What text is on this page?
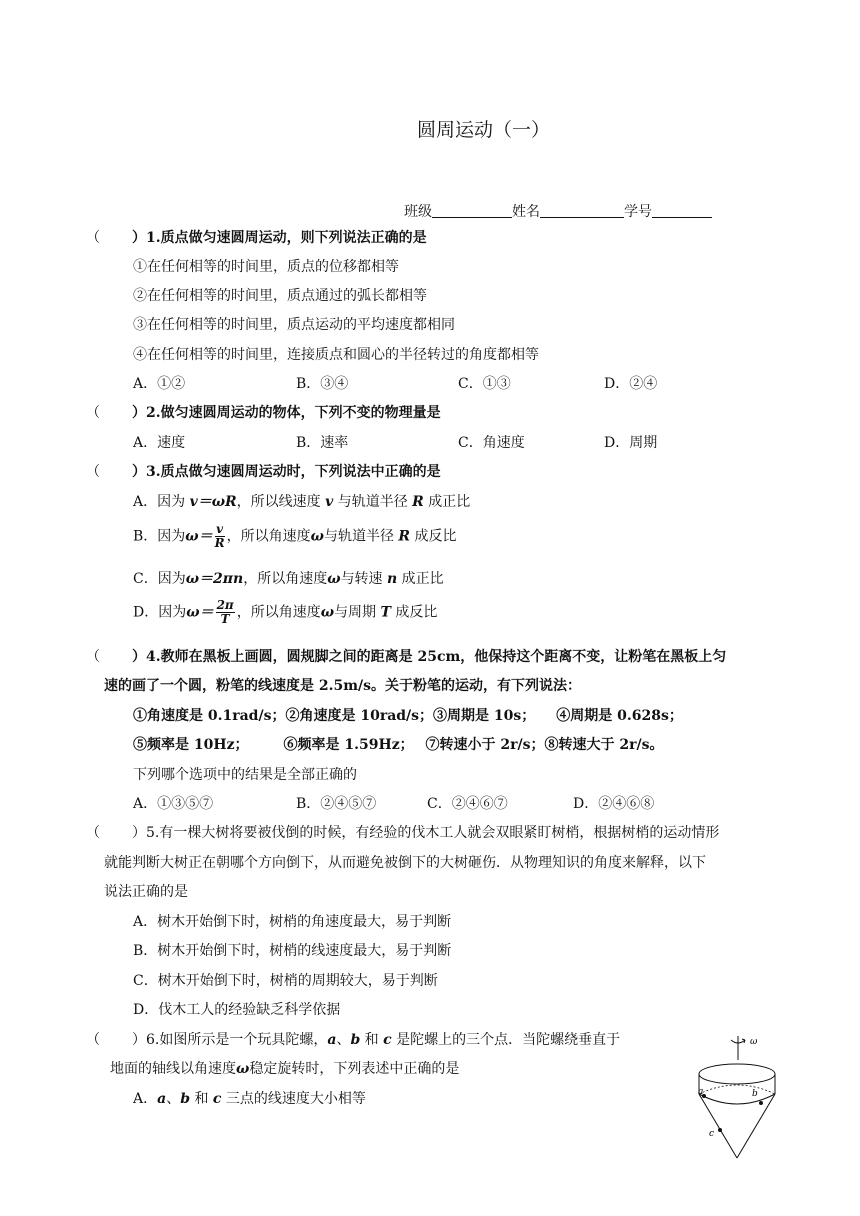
圆周运动（一）
班级	姓名	学号
（ ）1.质点做匀速圆周运动，则下列说法正确的是
①在任何相等的时间里，质点的位移都相等
②在任何相等的时间里，质点通过的弧长都相等
③在任何相等的时间里，质点运动的平均速度都相同
④在任何相等的时间里，连接质点和圆心的半径转过的角度都相等
A．①②	B．③④	C．①③	D．②④
（ ）2.做匀速圆周运动的物体，下列不变的物理量是
A．速度	B．速率	C．角速度	D．周期
（ ）3.质点做匀速圆周运动时，下列说法中正确的是
A．因为 v＝ωR，所以线速度 v 与轨道半径 R 成正比
B．因为$\omega= \frac{v}{R}$ ，所以角速度ω与轨道半径 R 成反比
C．因为ω＝2πn，所以角速度ω与转速 n 成正比
D．因为$\omega= \frac{2\pi}{T}$ ，所以角速度ω与周期 T 成反比
（ ）4.教师在黑板上画圆，圆规脚之间的距离是 25cm，他保持这个距离不变，让粉笔在黑板上匀
速的画了一个圆，粉笔的线速度是 2.5m/s。关于粉笔的运动，有下列说法：
①角速度是 0.1rad/s；②角速度是 10rad/s；③周期是 10s；　　④周期是 0.628s；
⑤频率是 10Hz；　　　⑥频率是 1.59Hz；　 ⑦转速小于 2r/s；⑧转速大于 2r/s。
下列哪个选项中的结果是全部正确的
A．①③⑤⑦	B．②④⑤⑦	C．②④⑥⑦	D．②④⑥⑧
（ ）5.有一棵大树将要被伐倒的时候，有经验的伐木工人就会双眼紧盯树梢，根据树梢的运动情形
就能判断大树正在朝哪个方向倒下，从而避免被倒下的大树砸伤．从物理知识的角度来解释，以下
说法正确的是
A．树木开始倒下时，树梢的角速度最大，易于判断
B．树木开始倒下时，树梢的线速度最大，易于判断
C．树木开始倒下时，树梢的周期较大，易于判断
D．伐木工人的经验缺乏科学依据
（ ）6.如图所示是一个玩具陀螺，a、b 和 c 是陀螺上的三个点．当陀螺绕垂直于
地面的轴线以角速度ω稳定旋转时，下列表述中正确的是
A．a、b 和 c 三点的线速度大小相等
ω
a	b
c
